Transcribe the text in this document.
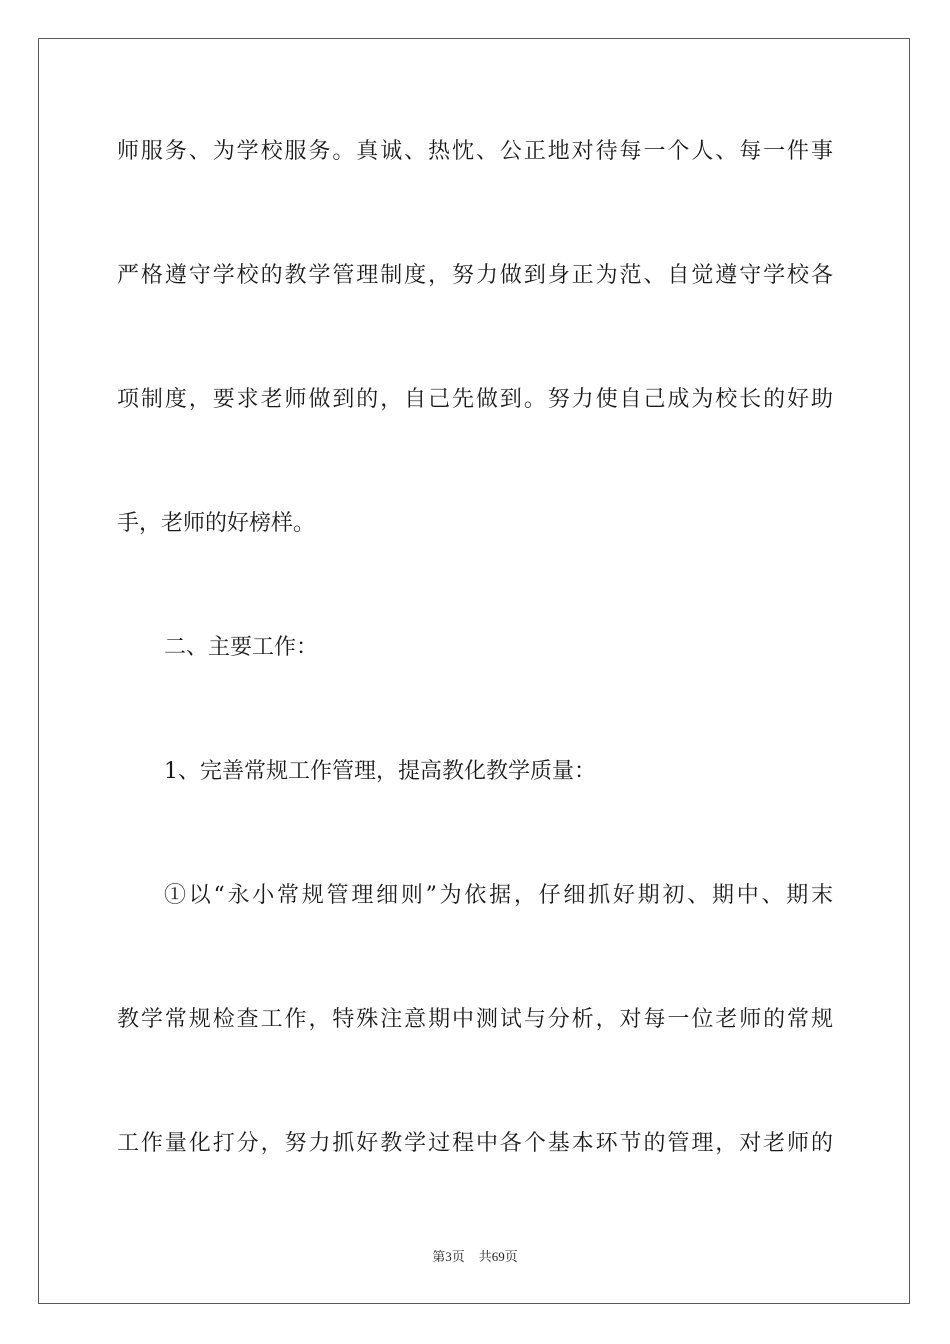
师服务、为学校服务。真诚、热忱、公正地对待每一个人、每一件事
严格遵守学校的教学管理制度，努力做到身正为范、自觉遵守学校各
项制度，要求老师做到的，自己先做到。努力使自己成为校长的好助
手，老师的好榜样。
二、主要工作：
1、完善常规工作管理，提高教化教学质量：
①以“永小常规管理细则”为依据，仔细抓好期初、期中、期末
教学常规检查工作，特殊注意期中测试与分析，对每一位老师的常规
工作量化打分，努力抓好教学过程中各个基本环节的管理，对老师的
第3页 共69页
